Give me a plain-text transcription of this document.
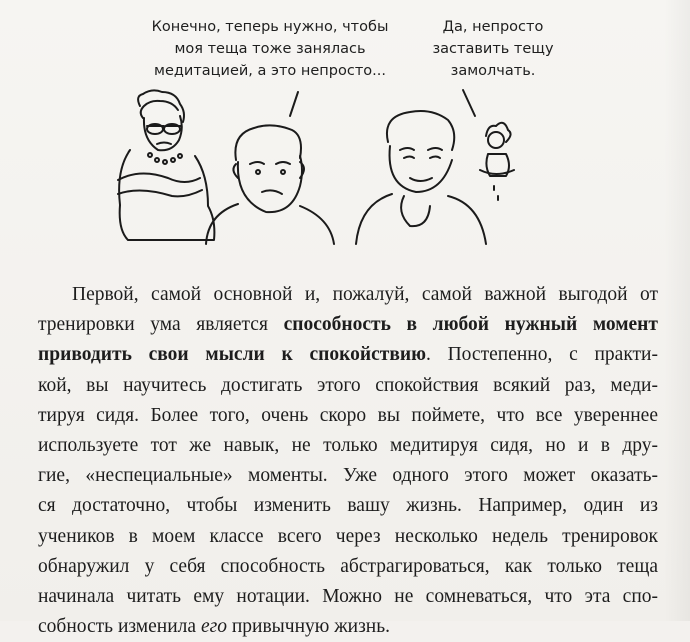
Конечно, теперь нужно, чтобы
моя теща тоже занялась
медитацией, а это непросто...
Да, непросто
заставить тещу
замолчать.
Первой, самой основной и, пожалуй, самой важной выгодой от
тренировки ума является способность в любой нужный момент
приводить свои мысли к спокойствию. Постепенно, с практи-
кой, вы научитесь достигать этого спокойствия всякий раз, меди-
тируя сидя. Более того, очень скоро вы поймете, что все увереннее
используете тот же навык, не только медитируя сидя, но и в дру-
гие, «неспециальные» моменты. Уже одного этого может оказать-
ся достаточно, чтобы изменить вашу жизнь. Например, один из
учеников в моем классе всего через несколько недель тренировок
обнаружил у себя способность абстрагироваться, как только теща
начинала читать ему нотации. Можно не сомневаться, что эта спо-
собность изменила его привычную жизнь.
